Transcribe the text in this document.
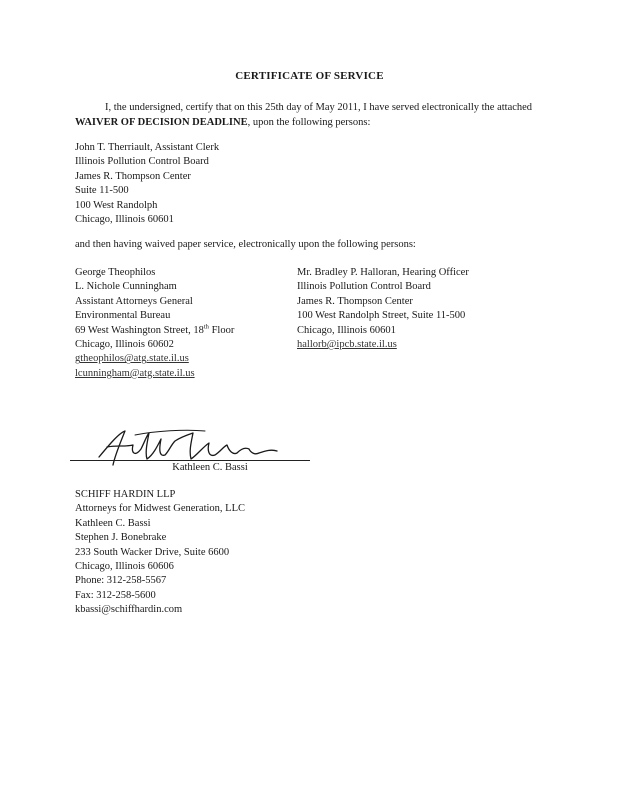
CERTIFICATE OF SERVICE
I, the undersigned, certify that on this 25th day of May 2011, I have served electronically the attached WAIVER OF DECISION DEADLINE, upon the following persons:
John T. Therriault, Assistant Clerk
Illinois Pollution Control Board
James R. Thompson Center
Suite 11-500
100 West Randolph
Chicago, Illinois 60601
and then having waived paper service, electronically upon the following persons:
George Theophilos
L. Nichole Cunningham
Assistant Attorneys General
Environmental Bureau
69 West Washington Street, 18th Floor
Chicago, Illinois 60602
gtheophilos@atg.state.il.us
lcunningham@atg.state.il.us
Mr. Bradley P. Halloran, Hearing Officer
Illinois Pollution Control Board
James R. Thompson Center
100 West Randolph Street, Suite 11-500
Chicago, Illinois 60601
hallorb@ipcb.state.il.us
Kathleen C. Bassi
SCHIFF HARDIN LLP
Attorneys for Midwest Generation, LLC
Kathleen C. Bassi
Stephen J. Bonebrake
233 South Wacker Drive, Suite 6600
Chicago, Illinois 60606
Phone: 312-258-5567
Fax: 312-258-5600
kbassi@schiffhardin.com
